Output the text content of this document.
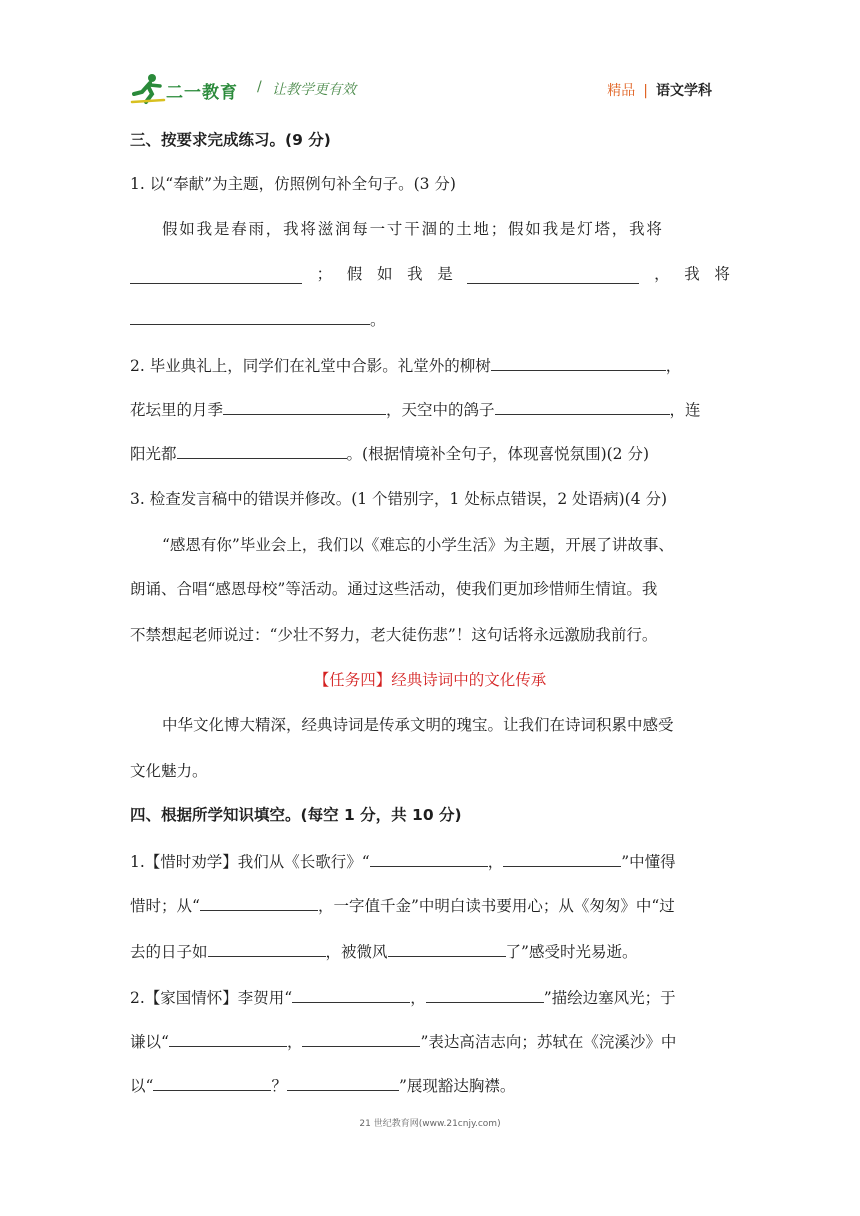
二一教育 / 让教学更有效	精品 | 语文学科
三、按要求完成练习。(9 分)
1. 以“奉献”为主题，仿照例句补全句子。(3 分)
假如我是春雨，我将滋润每一寸干涸的土地；假如我是灯塔，我将
； 假 如 我 是	， 我 将
。
2. 毕业典礼上，同学们在礼堂中合影。礼堂外的柳树	，
花坛里的月季	，天空中的鸽子	，连
阳光都	。(根据情境补全句子，体现喜悦氛围)(2 分)
3. 检查发言稿中的错误并修改。(1 个错别字，1 处标点错误，2 处语病)(4 分)
“感恩有你”毕业会上，我们以《难忘的小学生活》为主题，开展了讲故事、
朗诵、合唱“感恩母校”等活动。通过这些活动，使我们更加珍惜师生情谊。我
不禁想起老师说过：“少壮不努力，老大徒伤悲”！这句话将永远激励我前行。
【任务四】经典诗词中的文化传承
中华文化博大精深，经典诗词是传承文明的瑰宝。让我们在诗词积累中感受
文化魅力。
四、根据所学知识填空。(每空 1 分，共 10 分)
1.【惜时劝学】我们从《长歌行》“	，	”中懂得
惜时；从“	，一字值千金”中明白读书要用心；从《匆匆》中“过
去的日子如	，被微风	了”感受时光易逝。
2.【家国情怀】李贺用“	，	”描绘边塞风光；于
谦以“	，	”表达高洁志向；苏轼在《浣溪沙》中
以“	？	”展现豁达胸襟。
21 世纪教育网(www.21cnjy.com)
